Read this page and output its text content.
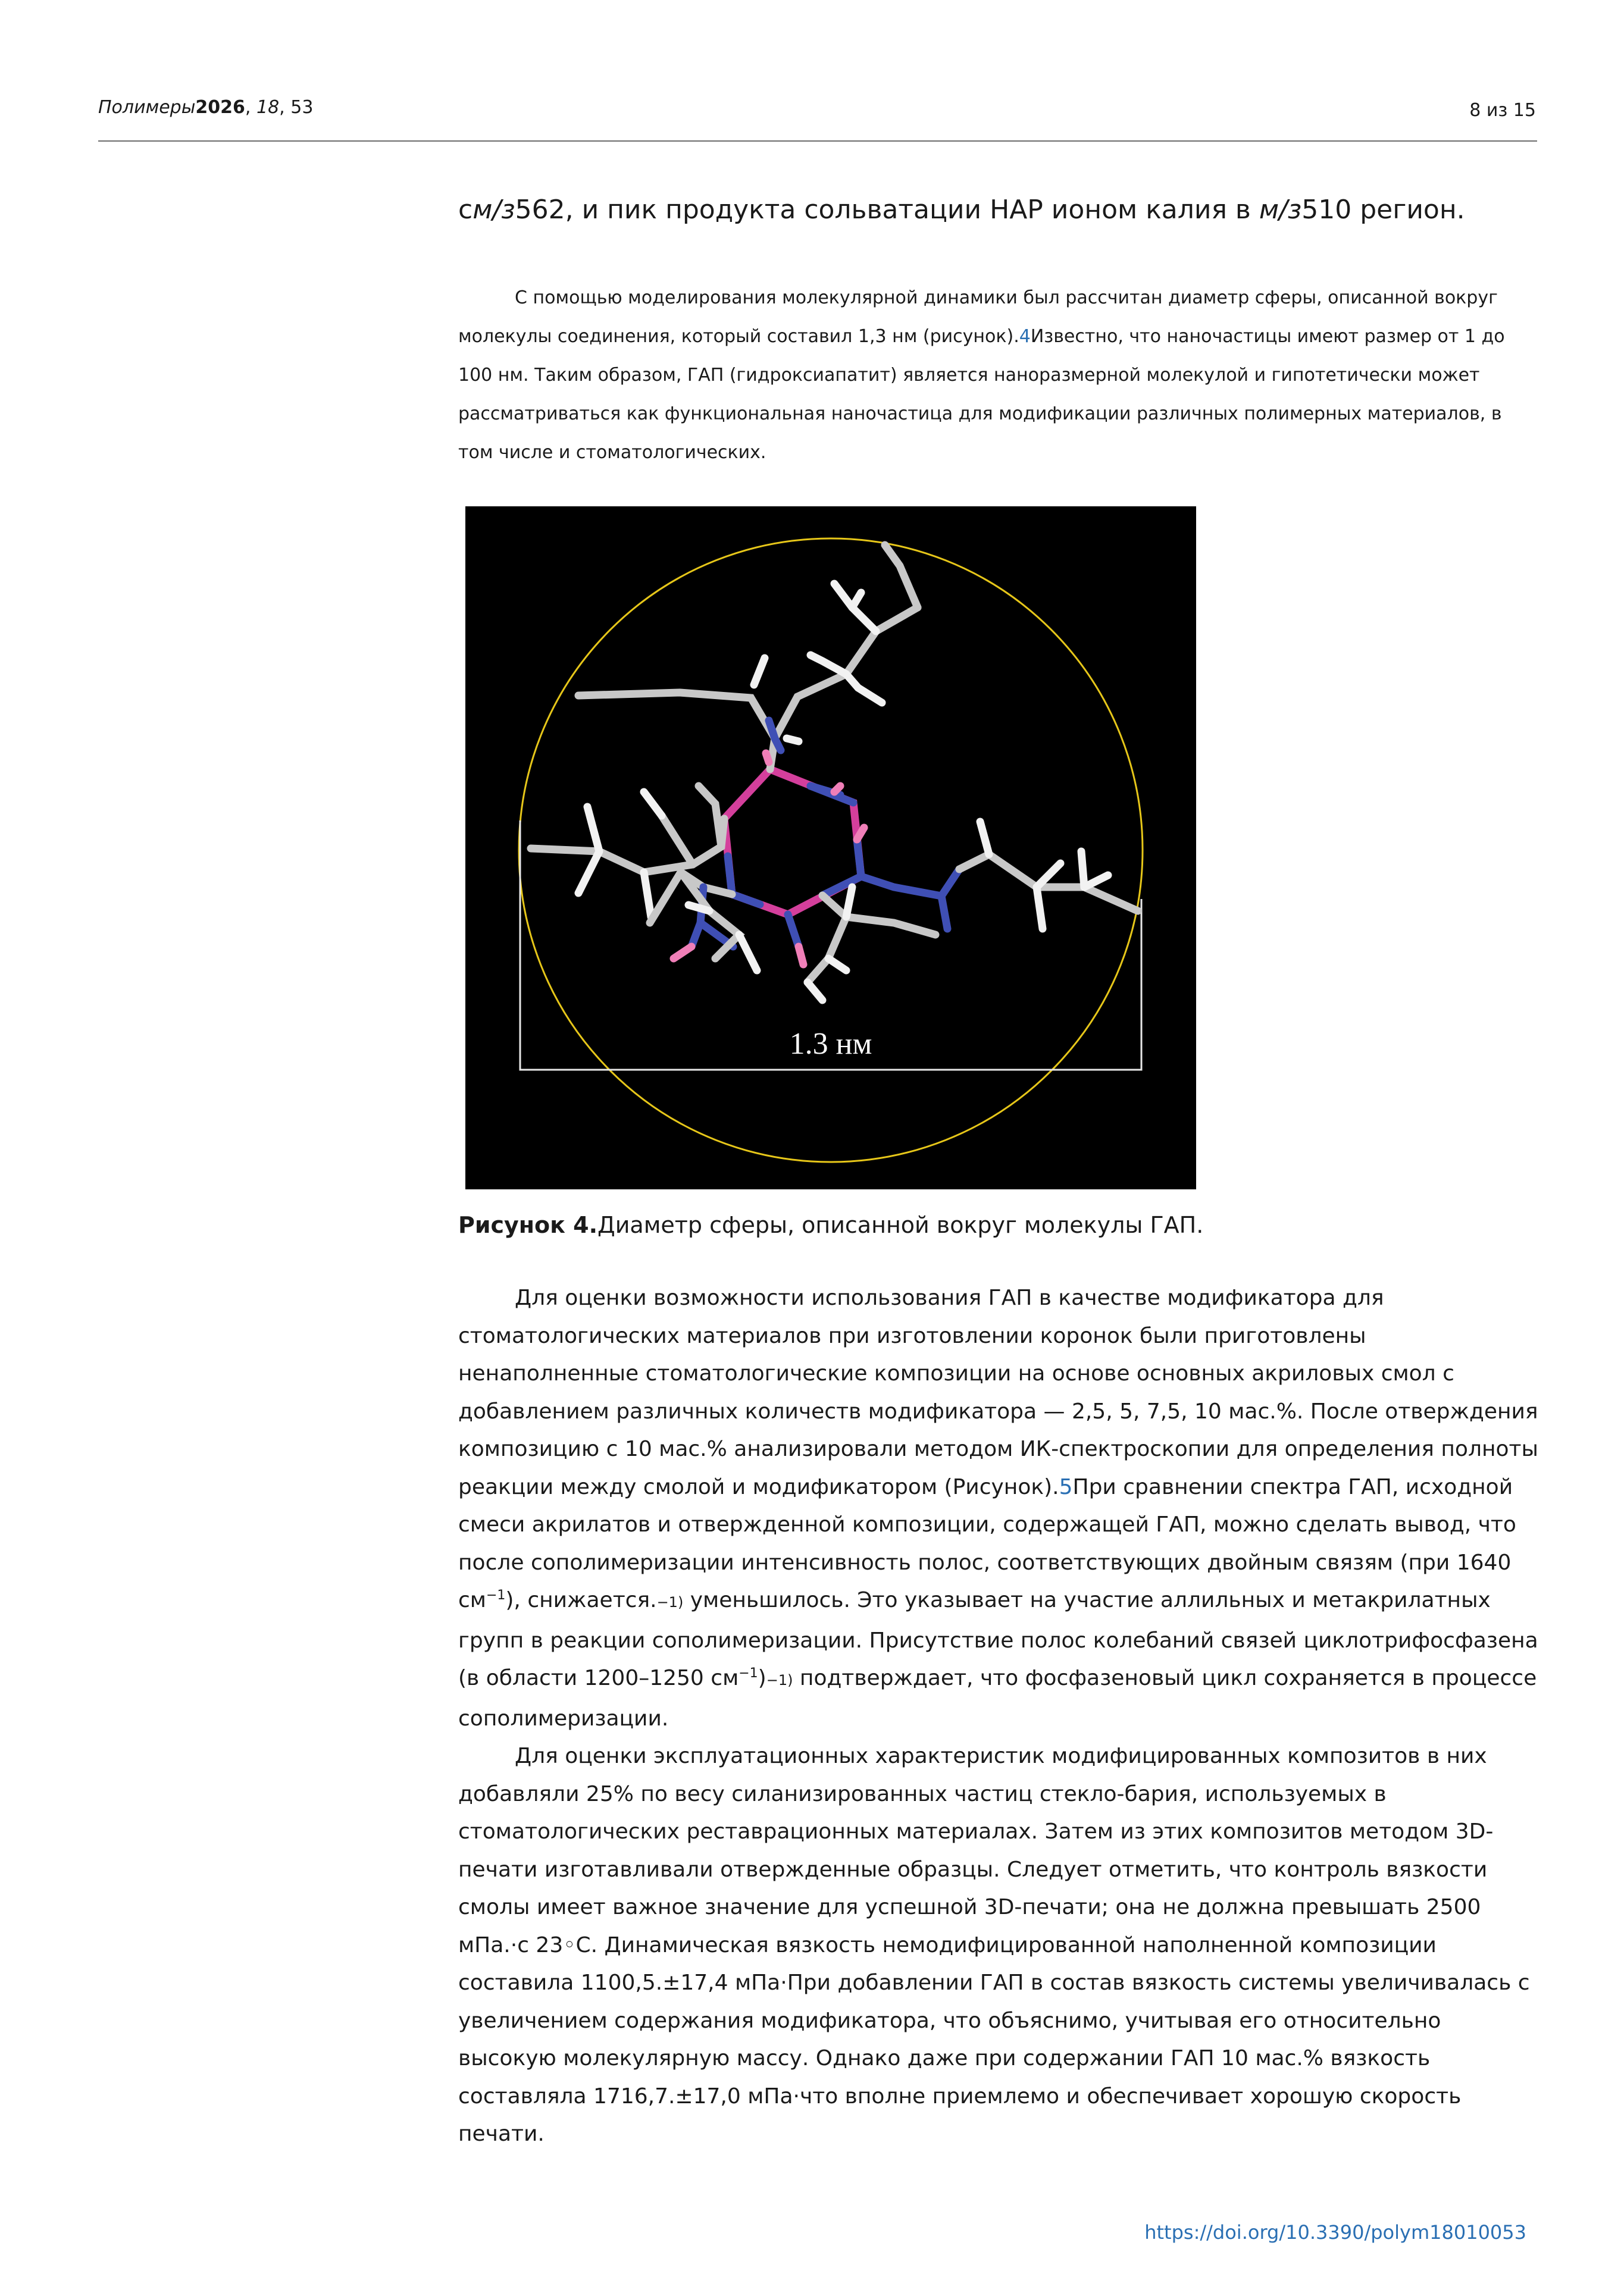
Полимеры2026, 18, 53	8 из 15
см/з562, и пик продукта сольватации НАР ионом калия в м/з510 регион.
С помощью моделирования молекулярной динамики был рассчитан диаметр сферы, описанной вокруг молекулы соединения, который составил 1,3 нм (рисунок).4Известно, что наночастицы имеют размер от 1 до 100 нм. Таким образом, ГАП (гидроксиапатит) является наноразмерной молекулой и гипотетически может рассматриваться как функциональная наночастица для модификации различных полимерных материалов, в том числе и стоматологических.
1.3 нм
Рисунок 4.Диаметр сферы, описанной вокруг молекулы ГАП.
Для оценки возможности использования ГАП в качестве модификатора для стоматологических материалов при изготовлении коронок были приготовлены ненаполненные стоматологические композиции на основе основных акриловых смол с добавлением различных количеств модификатора — 2,5, 5, 7,5, 10 мас.%. После отверждения композицию с 10 мас.% анализировали методом ИК-спектроскопии для определения полноты реакции между смолой и модификатором (Рисунок).5При сравнении спектра ГАП, исходной смеси акрилатов и отвержденной композиции, содержащей ГАП, можно сделать вывод, что после сополимеризации интенсивность полос, соответствующих двойным связям (при 1640 $см^{-1}$), снижается.−1) уменьшилось. Это указывает на участие аллильных и метакрилатных групп в реакции сополимеризации. Присутствие полос колебаний связей циклотрифосфазена (в области 1200–1250 $см^{-1})-1$) подтверждает, что фосфазеновый цикл сохраняется в процессе сополимеризации.
Для оценки эксплуатационных характеристик модифицированных композитов в них добавляли 25% по весу силанизированных частиц стекло-бария, используемых в стоматологических реставрационных материалах. Затем из этих композитов методом 3D-печати изготавливали отвержденные образцы. Следует отметить, что контроль вязкости смолы имеет важное значение для успешной 3D-печати; она не должна превышать 2500 мПа.·с 23◦С. Динамическая вязкость немодифицированной наполненной композиции составила 1100,5.±17,4 мПа·При добавлении ГАП в состав вязкость системы увеличивалась с увеличением содержания модификатора, что объяснимо, учитывая его относительно высокую молекулярную массу. Однако даже при содержании ГАП 10 мас.% вязкость составляла 1716,7.±17,0 мПа·что вполне приемлемо и обеспечивает хорошую скорость печати.
https://doi.org/10.3390/polym18010053
